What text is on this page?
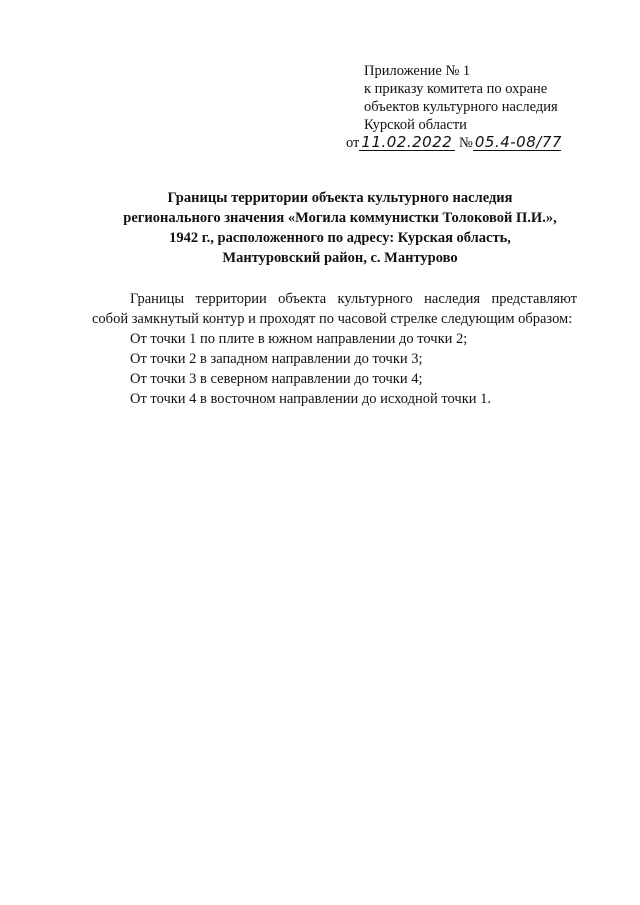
Приложение № 1
к приказу комитета по охране
объектов культурного наследия
Курской области
от 11.02.2022 № 05.4-08/77
Границы территории объекта культурного наследия
регионального значения «Могила коммунистки Толоковой П.И.»,
1942 г., расположенного по адресу: Курская область,
Мантуровский район, с. Мантурово
Границы территории объекта культурного наследия представляют собой замкнутый контур и проходят по часовой стрелке следующим образом:
От точки 1 по плите в южном направлении до точки 2;
От точки 2 в западном направлении до точки 3;
От точки 3 в северном направлении до точки 4;
От точки 4 в восточном направлении до исходной точки 1.
